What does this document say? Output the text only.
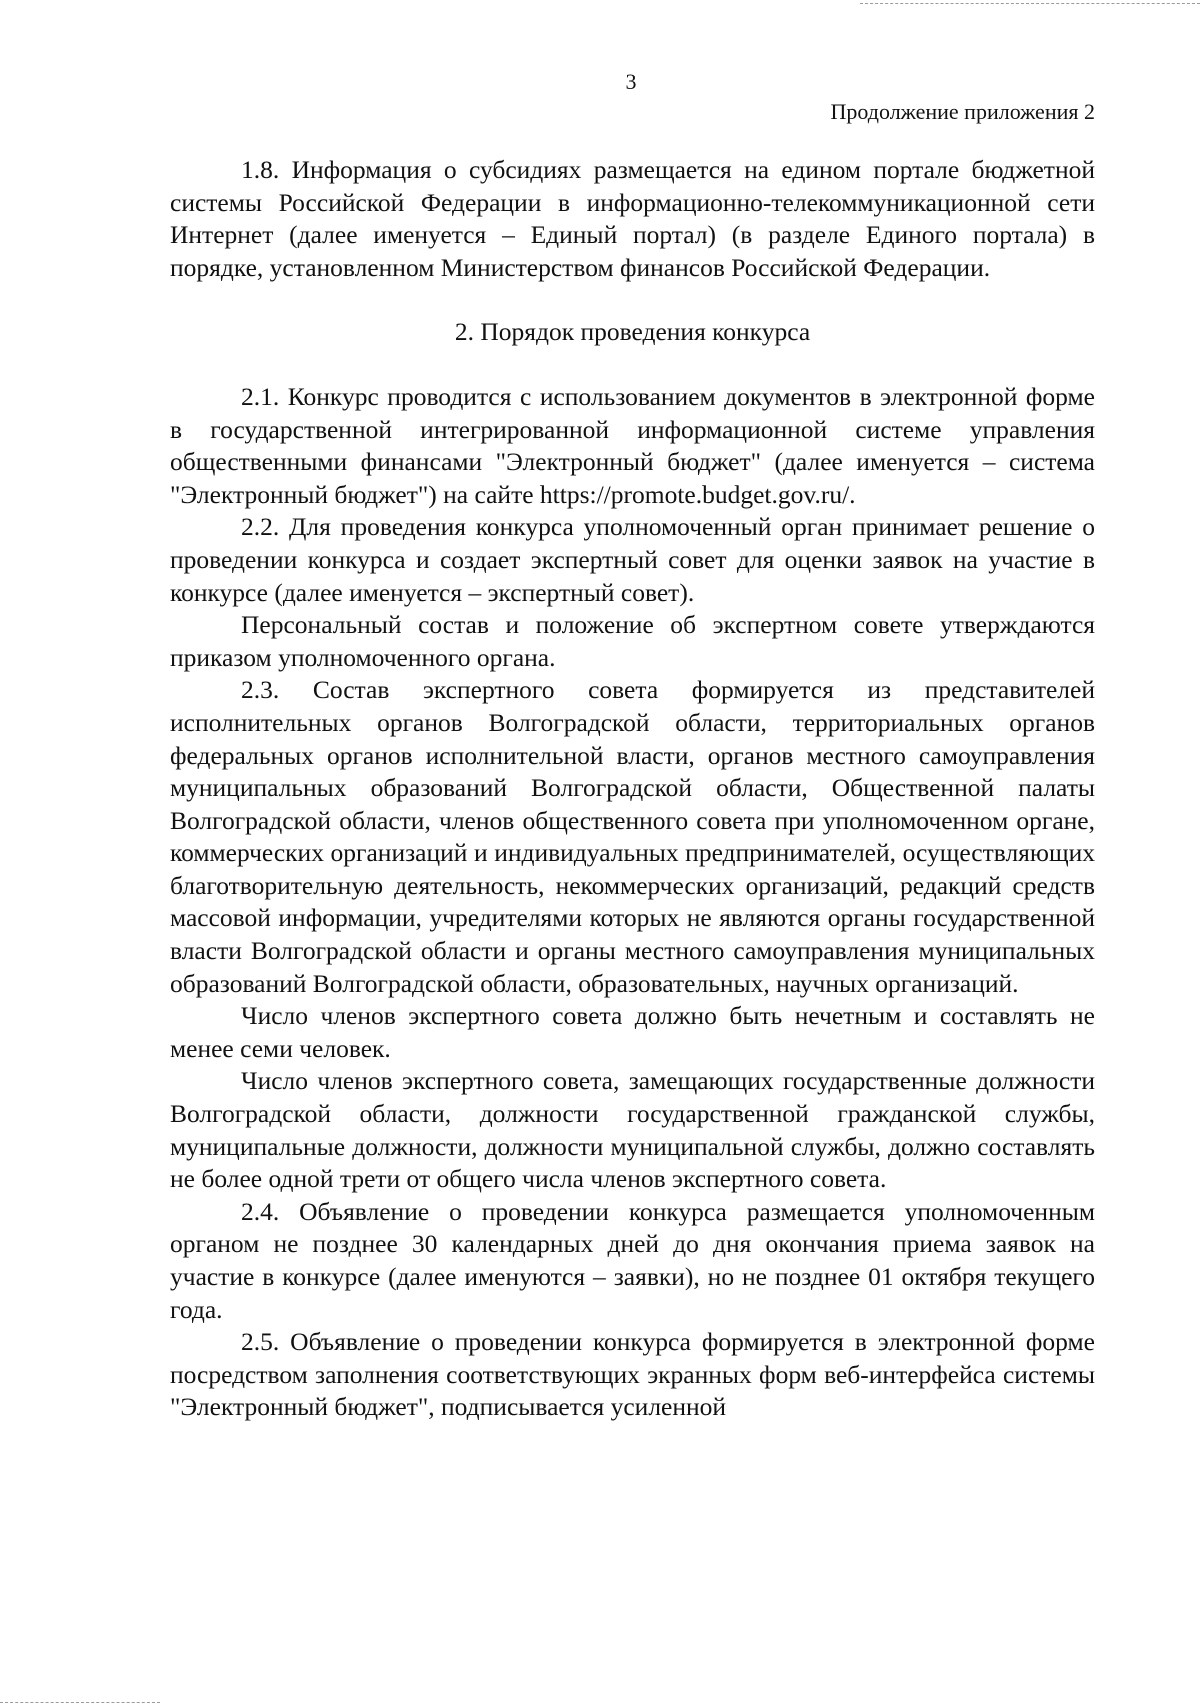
3
Продолжение приложения 2

1.8. Информация о субсидиях размещается на едином портале бюджетной системы Российской Федерации в информационно-телекоммуникационной сети Интернет (далее именуется – Единый портал) (в разделе Единого портала) в порядке, установленном Министерством финансов Российской Федерации.

2. Порядок проведения конкурса

2.1. Конкурс проводится с использованием документов в электронной форме в государственной интегрированной информационной системе управления общественными финансами "Электронный бюджет" (далее именуется – система "Электронный бюджет") на сайте https://promote.budget.gov.ru/.

2.2. Для проведения конкурса уполномоченный орган принимает решение о проведении конкурса и создает экспертный совет для оценки заявок на участие в конкурсе (далее именуется – экспертный совет).

Персональный состав и положение об экспертном совете утверждаются приказом уполномоченного органа.

2.3. Состав экспертного совета формируется из представителей исполнительных органов Волгоградской области, территориальных органов федеральных органов исполнительной власти, органов местного самоуправления муниципальных образований Волгоградской области, Общественной палаты Волгоградской области, членов общественного совета при уполномоченном органе, коммерческих организаций и индивидуальных предпринимателей, осуществляющих благотворительную деятельность, некоммерческих организаций, редакций средств массовой информации, учредителями которых не являются органы государственной власти Волгоградской области и органы местного самоуправления муниципальных образований Волгоградской области, образовательных, научных организаций.

Число членов экспертного совета должно быть нечетным и составлять не менее семи человек.

Число членов экспертного совета, замещающих государственные должности Волгоградской области, должности государственной гражданской службы, муниципальные должности, должности муниципальной службы, должно составлять не более одной трети от общего числа членов экспертного совета.

2.4. Объявление о проведении конкурса размещается уполномоченным органом не позднее 30 календарных дней до дня окончания приема заявок на участие в конкурсе (далее именуются – заявки), но не позднее 01 октября текущего года.

2.5. Объявление о проведении конкурса формируется в электронной форме посредством заполнения соответствующих экранных форм веб-интерфейса системы "Электронный бюджет", подписывается усиленной
